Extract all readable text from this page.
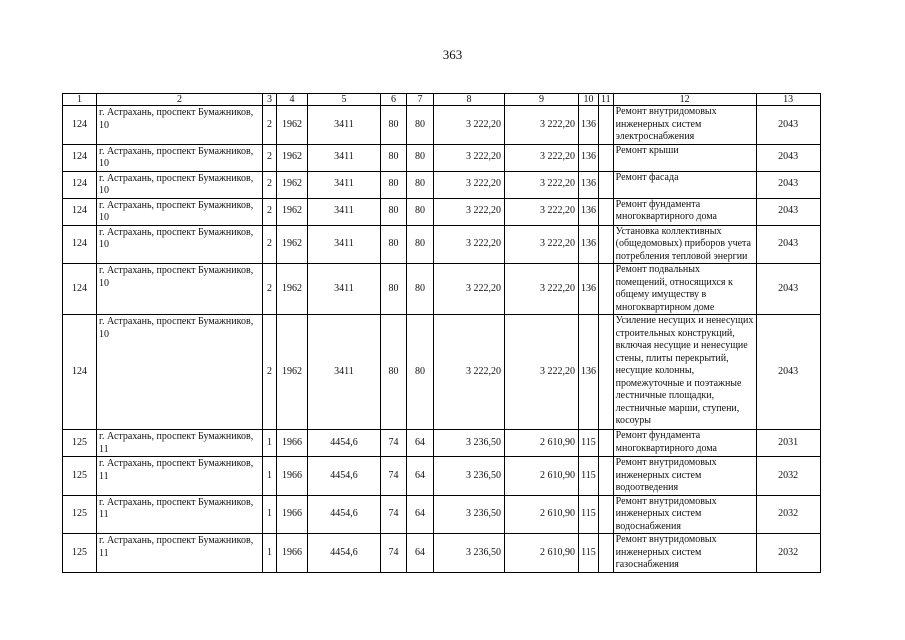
363
1	2	3	4	5	6	7	8	9	10	11	12	13
124	г. Астрахань, проспект Бумажников, 10	2	1962	3411	80	80	3 222,20	3 222,20	136		Ремонт внутридомовых инженерных систем электроснабжения	2043
124	г. Астрахань, проспект Бумажников, 10	2	1962	3411	80	80	3 222,20	3 222,20	136		Ремонт крыши	2043
124	г. Астрахань, проспект Бумажников, 10	2	1962	3411	80	80	3 222,20	3 222,20	136		Ремонт фасада	2043
124	г. Астрахань, проспект Бумажников, 10	2	1962	3411	80	80	3 222,20	3 222,20	136		Ремонт фундамента многоквартирного дома	2043
124	г. Астрахань, проспект Бумажников, 10	2	1962	3411	80	80	3 222,20	3 222,20	136		Установка коллективных (общедомовых) приборов учета потребления тепловой энергии	2043
124	г. Астрахань, проспект Бумажников, 10	2	1962	3411	80	80	3 222,20	3 222,20	136		Ремонт подвальных помещений, относящихся к общему имуществу в многоквартирном доме	2043
124	г. Астрахань, проспект Бумажников, 10	2	1962	3411	80	80	3 222,20	3 222,20	136		Усиление несущих и ненесущих строительных конструкций, включая несущие и ненесущие стены, плиты перекрытий, несущие колонны, промежуточные и поэтажные лестничные площадки, лестничные марши, ступени, косоуры	2043
125	г. Астрахань, проспект Бумажников, 11	1	1966	4454,6	74	64	3 236,50	2 610,90	115		Ремонт фундамента многоквартирного дома	2031
125	г. Астрахань, проспект Бумажников, 11	1	1966	4454,6	74	64	3 236,50	2 610,90	115		Ремонт внутридомовых инженерных систем водоотведения	2032
125	г. Астрахань, проспект Бумажников, 11	1	1966	4454,6	74	64	3 236,50	2 610,90	115		Ремонт внутридомовых инженерных систем водоснабжения	2032
125	г. Астрахань, проспект Бумажников, 11	1	1966	4454,6	74	64	3 236,50	2 610,90	115		Ремонт внутридомовых инженерных систем газоснабжения	2032
